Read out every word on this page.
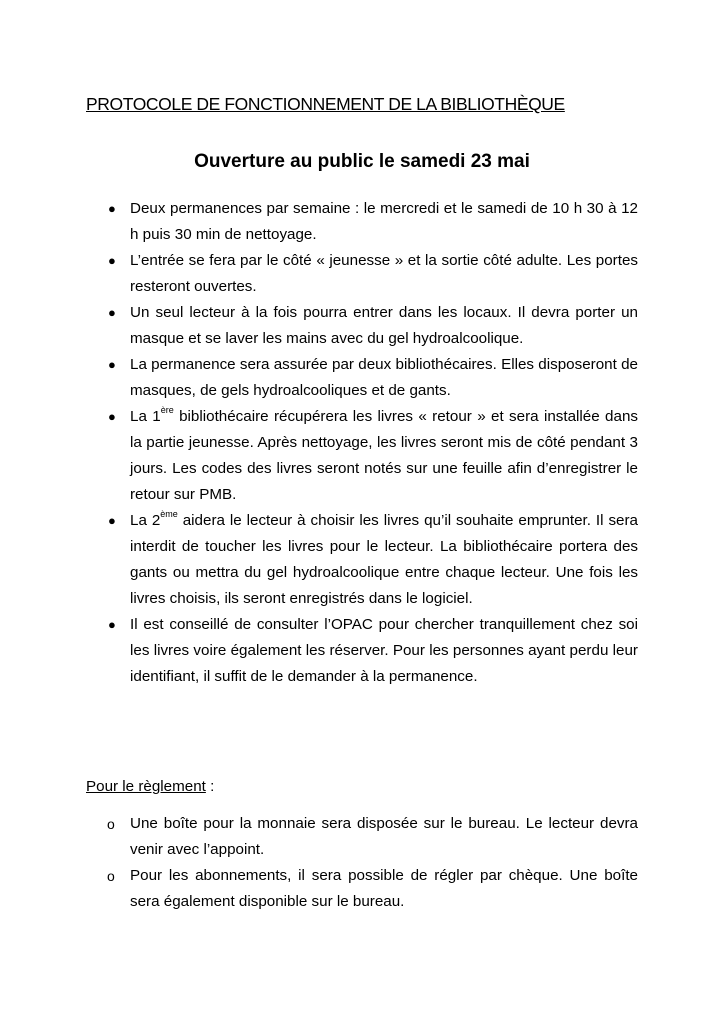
PROTOCOLE DE FONCTIONNEMENT DE LA BIBLIOTHÈQUE
Ouverture au public le samedi 23 mai
● Deux permanences par semaine : le mercredi et le samedi de 10 h 30 à 12 h puis 30 min de nettoyage.
● L’entrée se fera par le côté « jeunesse » et la sortie côté adulte. Les portes resteront ouvertes.
● Un seul lecteur à la fois pourra entrer dans les locaux. Il devra porter un masque et se laver les mains avec du gel hydroalcoolique.
● La permanence sera assurée par deux bibliothécaires. Elles disposeront de masques, de gels hydroalcooliques et de gants.
● La 1ère bibliothécaire récupérera les livres « retour » et sera installée dans la partie jeunesse. Après nettoyage, les livres seront mis de côté pendant 3 jours. Les codes des livres seront notés sur une feuille afin d’enregistrer le retour sur PMB.
● La 2ème aidera le lecteur à choisir les livres qu’il souhaite emprunter. Il sera interdit de toucher les livres pour le lecteur. La bibliothécaire portera des gants ou mettra du gel hydroalcoolique entre chaque lecteur. Une fois les livres choisis, ils seront enregistrés dans le logiciel.
● Il est conseillé de consulter l’OPAC pour chercher tranquillement chez soi les livres voire également les réserver. Pour les personnes ayant perdu leur identifiant, il suffit de le demander à la permanence.

Pour le règlement :

o Une boîte pour la monnaie sera disposée sur le bureau. Le lecteur devra venir avec l’appoint.
o Pour les abonnements, il sera possible de régler par chèque. Une boîte sera également disponible sur le bureau.
